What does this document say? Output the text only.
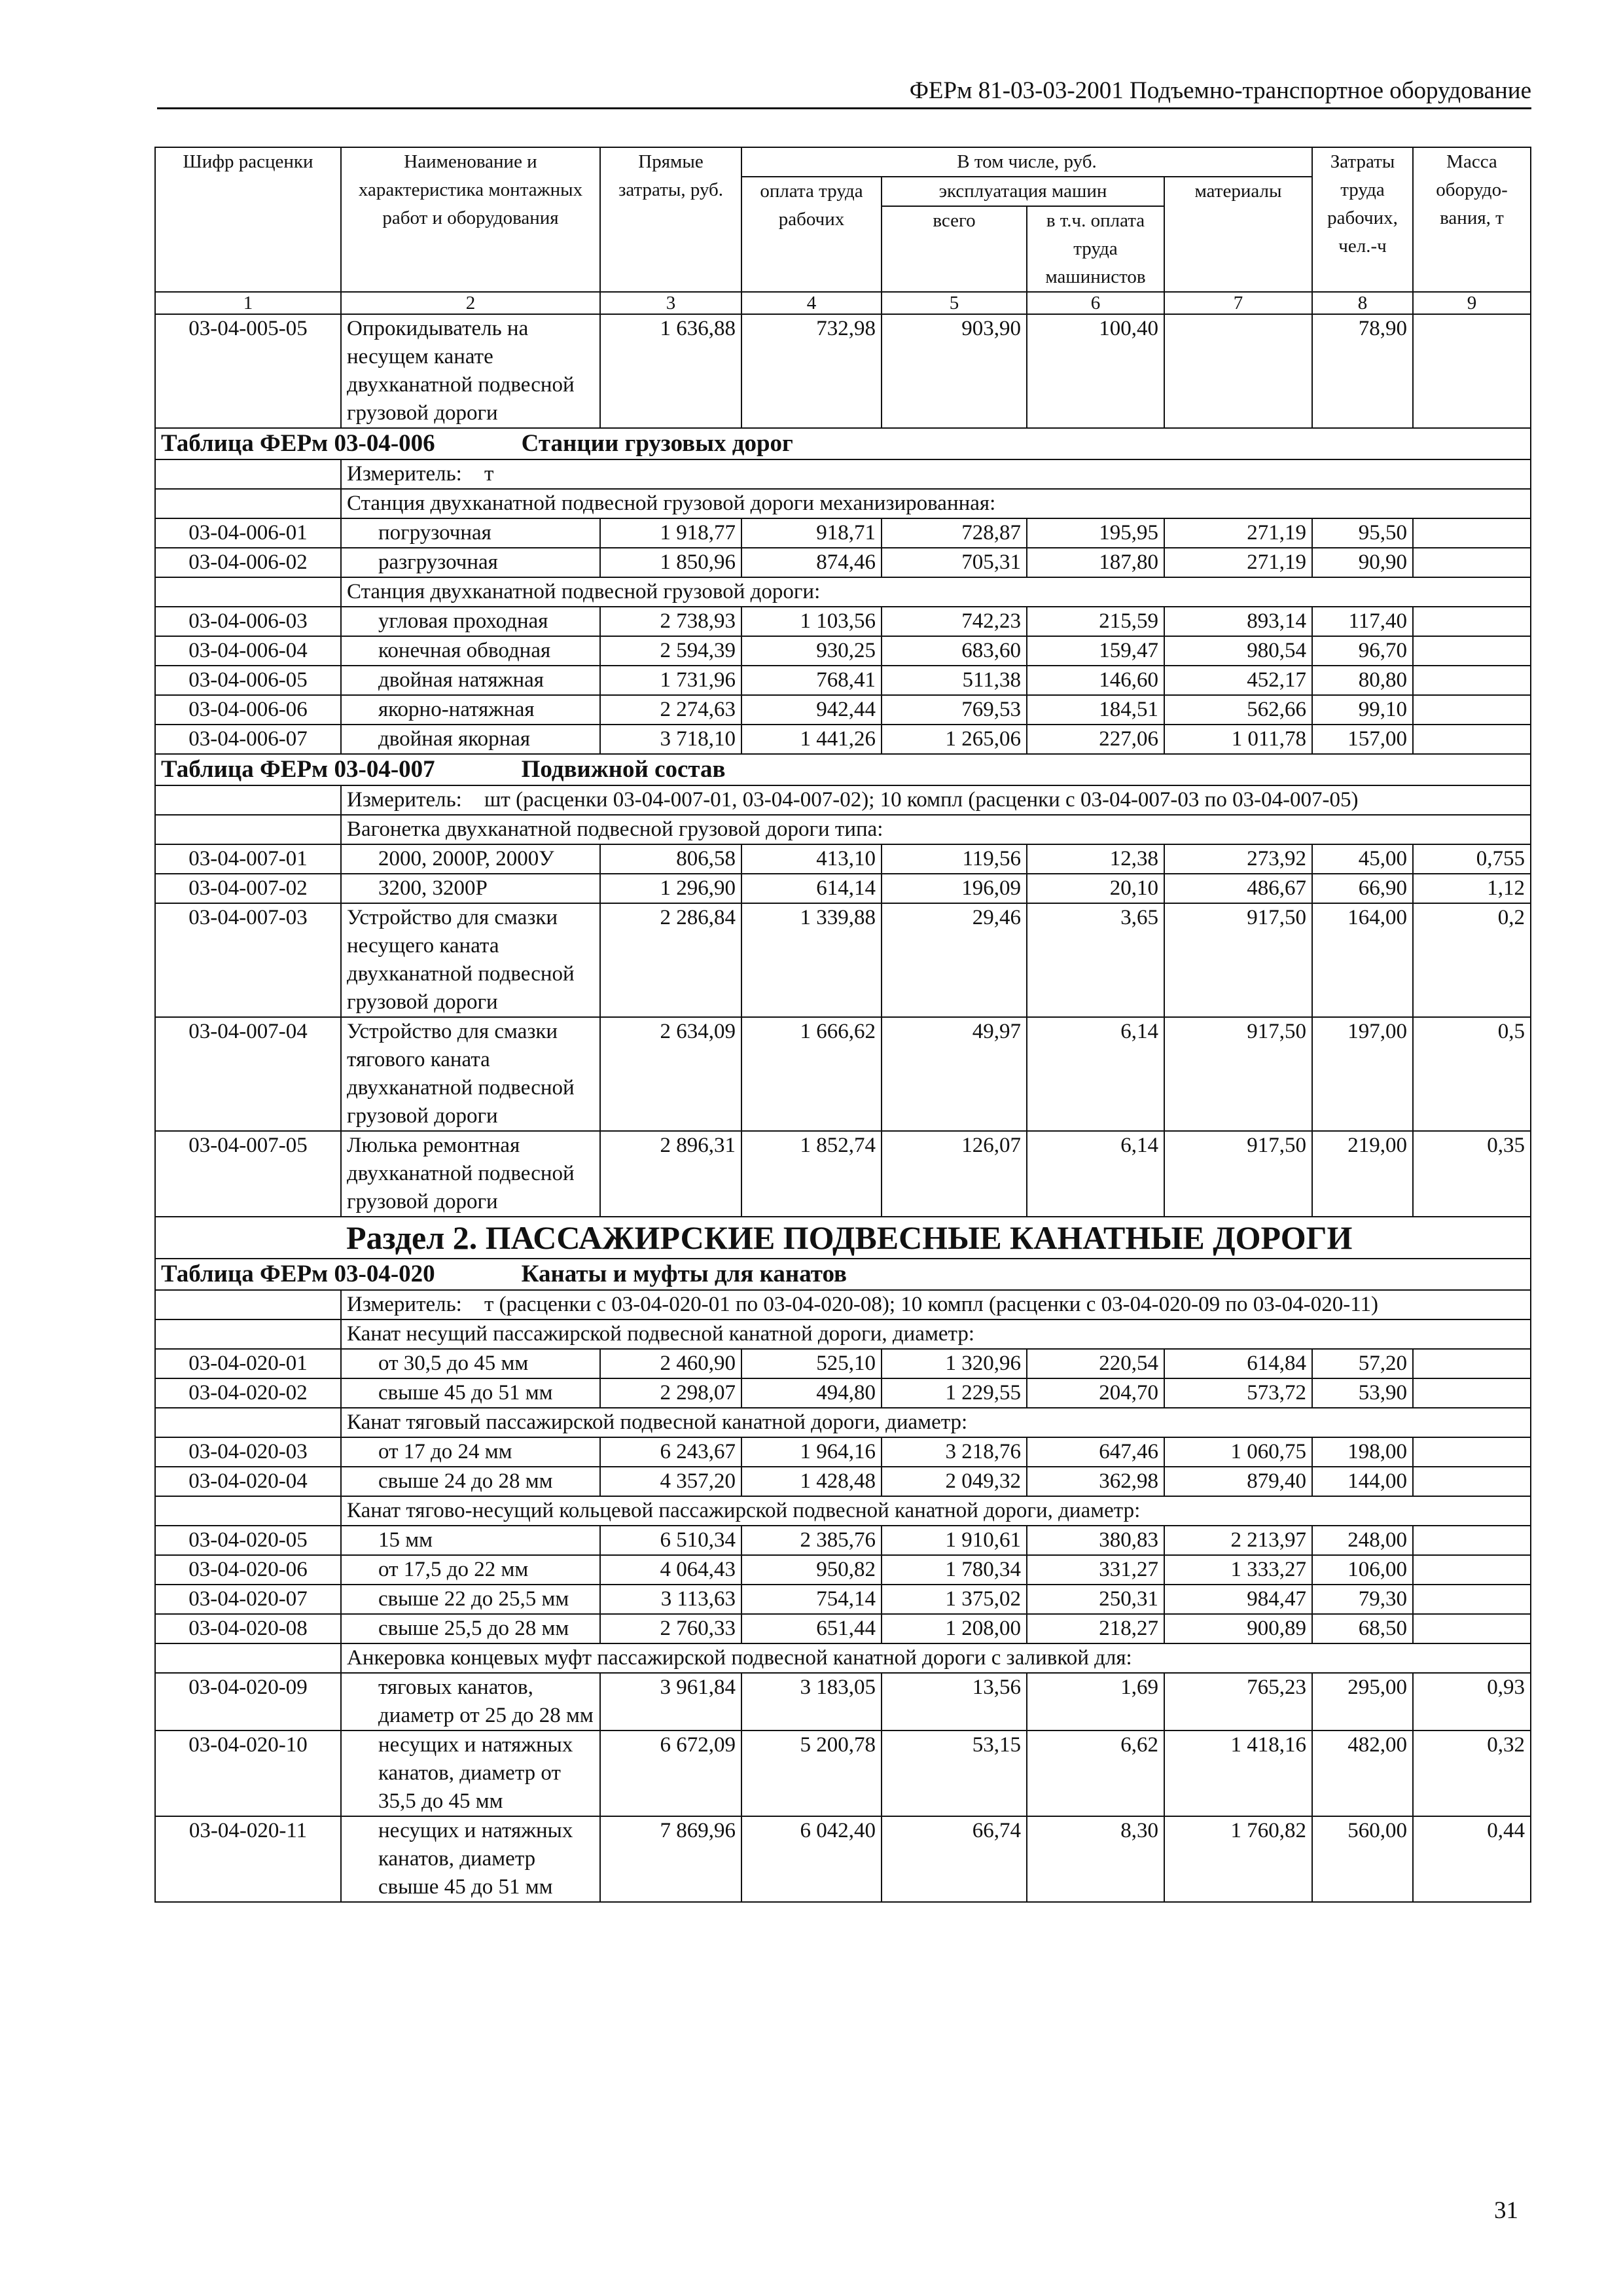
ФЕРм 81-03-03-2001 Подъемно-транспортное оборудование
Шифр расценки	Наименование и характеристика монтажных работ и оборудования	Прямые затраты, руб.	В том числе, руб.				Затраты труда рабочих, чел.-ч	Масса оборудо-вания, т
			оплата труда рабочих	эксплуатация машин		материалы		
				всего	в т.ч. оплата труда машинистов			
1	2	3	4	5	6	7	8	9
03-04-005-05	Опрокидыватель на несущем канате двухканатной подвесной грузовой дороги	1 636,88	732,98	903,90	100,40		78,90	

Таблица ФЕРм 03-04-006 Станции грузовых дорог								

	Измеритель: т							
	Станция двухканатной подвесной грузовой дороги механизированная:							
03-04-006-01	погрузочная	1 918,77	918,71	728,87	195,95	271,19	95,50	
03-04-006-02	разгрузочная	1 850,96	874,46	705,31	187,80	271,19	90,90	
	Станция двухканатной подвесной грузовой дороги:							
03-04-006-03	угловая проходная	2 738,93	1 103,56	742,23	215,59	893,14	117,40	
03-04-006-04	конечная обводная	2 594,39	930,25	683,60	159,47	980,54	96,70	
03-04-006-05	двойная натяжная	1 731,96	768,41	511,38	146,60	452,17	80,80	
03-04-006-06	якорно-натяжная	2 274,63	942,44	769,53	184,51	562,66	99,10	
03-04-006-07	двойная якорная	3 718,10	1 441,26	1 265,06	227,06	1 011,78	157,00	

Таблица ФЕРм 03-04-007 Подвижной состав								

	Измеритель: шт (расценки 03-04-007-01, 03-04-007-02); 10 компл (расценки с 03-04-007-03 по 03-04-007-05)							
	Вагонетка двухканатной подвесной грузовой дороги типа:							
03-04-007-01	2000, 2000Р, 2000У	806,58	413,10	119,56	12,38	273,92	45,00	0,755
03-04-007-02	3200, 3200Р	1 296,90	614,14	196,09	20,10	486,67	66,90	1,12
03-04-007-03	Устройство для смазки несущего каната двухканатной подвесной грузовой дороги	2 286,84	1 339,88	29,46	3,65	917,50	164,00	0,2
03-04-007-04	Устройство для смазки тягового каната двухканатной подвесной грузовой дороги	2 634,09	1 666,62	49,97	6,14	917,50	197,00	0,5
03-04-007-05	Люлька ремонтная двухканатной подвесной грузовой дороги	2 896,31	1 852,74	126,07	6,14	917,50	219,00	0,35

	Раздел 2. ПАССАЖИРСКИЕ ПОДВЕСНЫЕ КАНАТНЫЕ ДОРОГИ							

Таблица ФЕРм 03-04-020 Канаты и муфты для канатов								

	Измеритель: т (расценки с 03-04-020-01 по 03-04-020-08); 10 компл (расценки с 03-04-020-09 по 03-04-020-11)							
	Канат несущий пассажирской подвесной канатной дороги, диаметр:							
03-04-020-01	от 30,5 до 45 мм	2 460,90	525,10	1 320,96	220,54	614,84	57,20	
03-04-020-02	свыше 45 до 51 мм	2 298,07	494,80	1 229,55	204,70	573,72	53,90	
	Канат тяговый пассажирской подвесной канатной дороги, диаметр:							
03-04-020-03	от 17 до 24 мм	6 243,67	1 964,16	3 218,76	647,46	1 060,75	198,00	
03-04-020-04	свыше 24 до 28 мм	4 357,20	1 428,48	2 049,32	362,98	879,40	144,00	
	Канат тягово-несущий кольцевой пассажирской подвесной канатной дороги, диаметр:							
03-04-020-05	15 мм	6 510,34	2 385,76	1 910,61	380,83	2 213,97	248,00	
03-04-020-06	от 17,5 до 22 мм	4 064,43	950,82	1 780,34	331,27	1 333,27	106,00	
03-04-020-07	свыше 22 до 25,5 мм	3 113,63	754,14	1 375,02	250,31	984,47	79,30	
03-04-020-08	свыше 25,5 до 28 мм	2 760,33	651,44	1 208,00	218,27	900,89	68,50	
	Анкеровка концевых муфт пассажирской подвесной канатной дороги с заливкой для:							
03-04-020-09	тяговых канатов, диаметр от 25 до 28 мм	3 961,84	3 183,05	13,56	1,69	765,23	295,00	0,93
03-04-020-10	несущих и натяжных канатов, диаметр от 35,5 до 45 мм	6 672,09	5 200,78	53,15	6,62	1 418,16	482,00	0,32
03-04-020-11	несущих и натяжных канатов, диаметр свыше 45 до 51 мм	7 869,96	6 042,40	66,74	8,30	1 760,82	560,00	0,44
31
